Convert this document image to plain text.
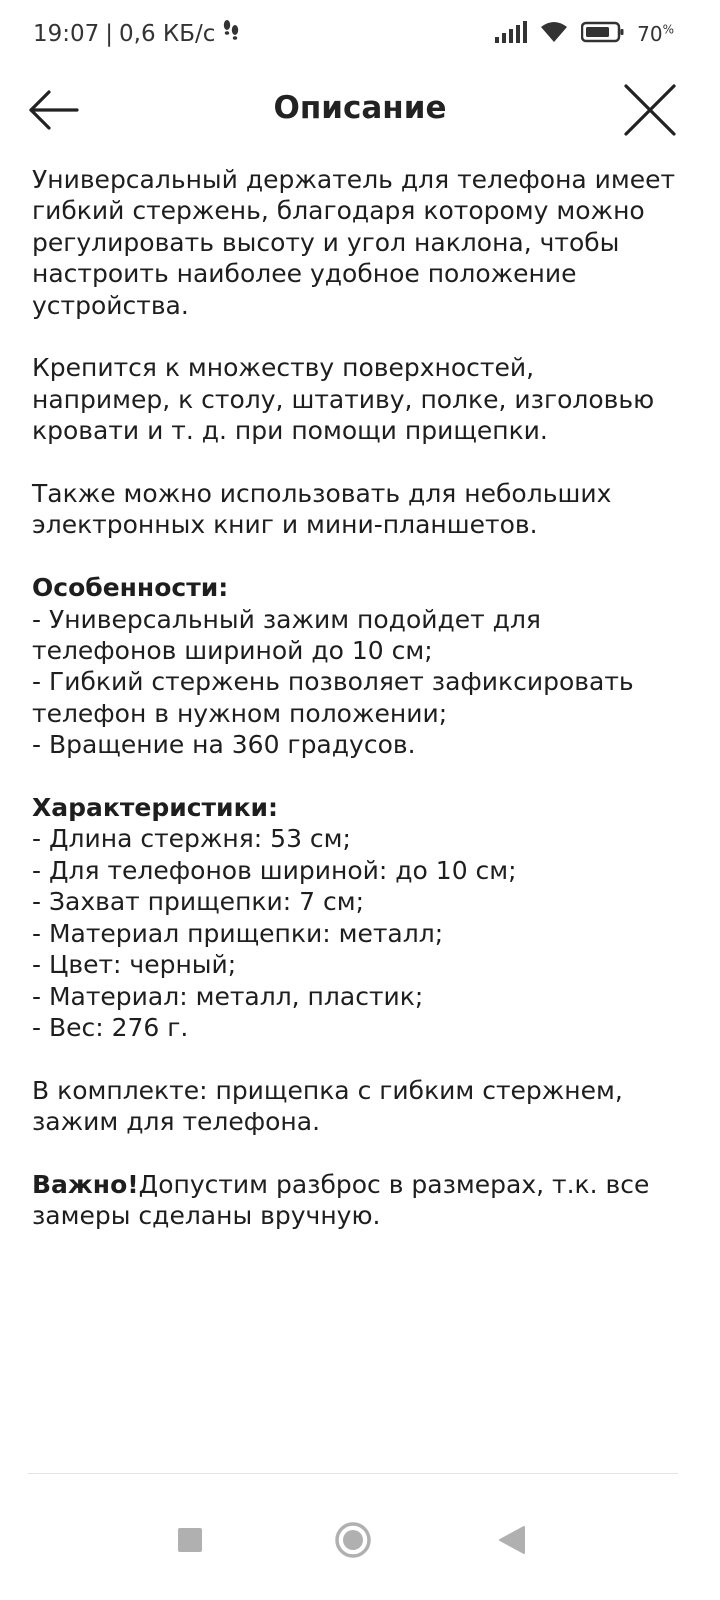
19:07 | 0,6 КБ/с	70%
Описание

Универсальный держатель для телефона имеет
гибкий стержень, благодаря которому можно
регулировать высоту и угол наклона, чтобы
настроить наиболее удобное положение
устройства.

Крепится к множеству поверхностей,
например, к столу, штативу, полке, изголовью
кровати и т. д. при помощи прищепки.

Также можно использовать для небольших
электронных книг и мини-планшетов.

Особенности:
- Универсальный зажим подойдет для
телефонов шириной до 10 см;
- Гибкий стержень позволяет зафиксировать
телефон в нужном положении;
- Вращение на 360 градусов.

Характеристики:
- Длина стержня: 53 см;
- Для телефонов шириной: до 10 см;
- Захват прищепки: 7 см;
- Материал прищепки: металл;
- Цвет: черный;
- Материал: металл, пластик;
- Вес: 276 г.

В комплекте: прищепка с гибким стержнем,
зажим для телефона.

Важно!Допустим разброс в размерах, т.к. все
замеры сделаны вручную.
